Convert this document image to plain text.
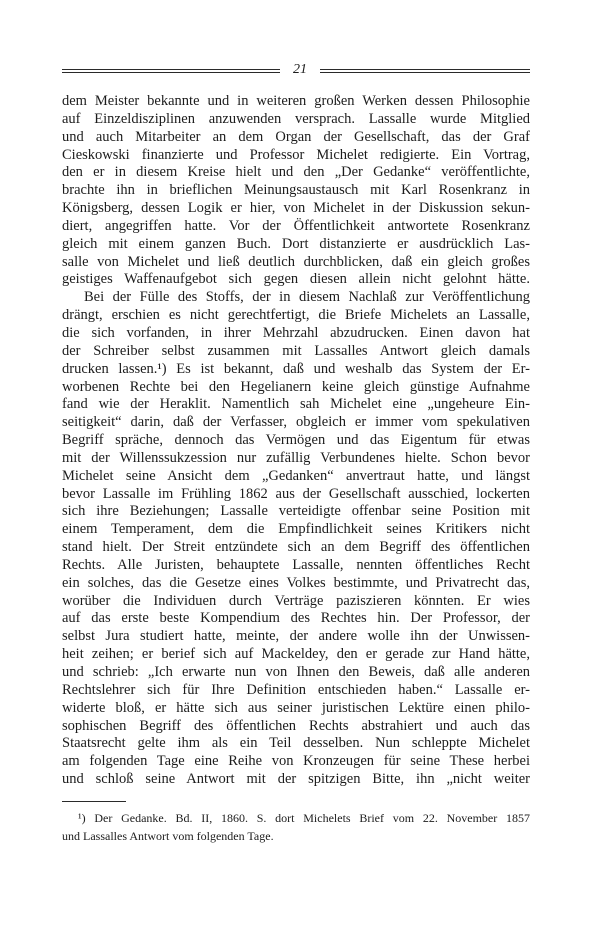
21
dem Meister bekannte und in weiteren großen Werken dessen Philosophie
auf Einzeldisziplinen anzuwenden versprach. Lassalle wurde Mitglied
und auch Mitarbeiter an dem Organ der Gesellschaft, das der Graf
Cieskowski finanzierte und Professor Michelet redigierte. Ein Vortrag,
den er in diesem Kreise hielt und den „Der Gedanke“ veröffentlichte,
brachte ihn in brieflichen Meinungsaustausch mit Karl Rosenkranz in
Königsberg, dessen Logik er hier, von Michelet in der Diskussion sekun-
diert, angegriffen hatte. Vor der Öffentlichkeit antwortete Rosenkranz
gleich mit einem ganzen Buch. Dort distanzierte er ausdrücklich Las-
salle von Michelet und ließ deutlich durchblicken, daß ein gleich großes
geistiges Waffenaufgebot sich gegen diesen allein nicht gelohnt hätte.
Bei der Fülle des Stoffs, der in diesem Nachlaß zur Veröffentlichung
drängt, erschien es nicht gerechtfertigt, die Briefe Michelets an Lassalle,
die sich vorfanden, in ihrer Mehrzahl abzudrucken. Einen davon hat
der Schreiber selbst zusammen mit Lassalles Antwort gleich damals
drucken lassen.¹) Es ist bekannt, daß und weshalb das System der Er-
worbenen Rechte bei den Hegelianern keine gleich günstige Aufnahme
fand wie der Heraklit. Namentlich sah Michelet eine „ungeheure Ein-
seitigkeit“ darin, daß der Verfasser, obgleich er immer vom spekulativen
Begriff spräche, dennoch das Vermögen und das Eigentum für etwas
mit der Willenssukzession nur zufällig Verbundenes hielte. Schon bevor
Michelet seine Ansicht dem „Gedanken“ anvertraut hatte, und längst
bevor Lassalle im Frühling 1862 aus der Gesellschaft ausschied, lockerten
sich ihre Beziehungen; Lassalle verteidigte offenbar seine Position mit
einem Temperament, dem die Empfindlichkeit seines Kritikers nicht
stand hielt. Der Streit entzündete sich an dem Begriff des öffentlichen
Rechts. Alle Juristen, behauptete Lassalle, nennten öffentliches Recht
ein solches, das die Gesetze eines Volkes bestimmte, und Privatrecht das,
worüber die Individuen durch Verträge paziszieren könnten. Er wies
auf das erste beste Kompendium des Rechtes hin. Der Professor, der
selbst Jura studiert hatte, meinte, der andere wolle ihn der Unwissen-
heit zeihen; er berief sich auf Mackeldey, den er gerade zur Hand hätte,
und schrieb: „Ich erwarte nun von Ihnen den Beweis, daß alle anderen
Rechtslehrer sich für Ihre Definition entschieden haben.“ Lassalle er-
widerte bloß, er hätte sich aus seiner juristischen Lektüre einen philo-
sophischen Begriff des öffentlichen Rechts abstrahiert und auch das
Staatsrecht gelte ihm als ein Teil desselben. Nun schleppte Michelet
am folgenden Tage eine Reihe von Kronzeugen für seine These herbei
und schloß seine Antwort mit der spitzigen Bitte, ihn „nicht weiter
¹) Der Gedanke. Bd. II, 1860. S. dort Michelets Brief vom 22. November 1857
und Lassalles Antwort vom folgenden Tage.
